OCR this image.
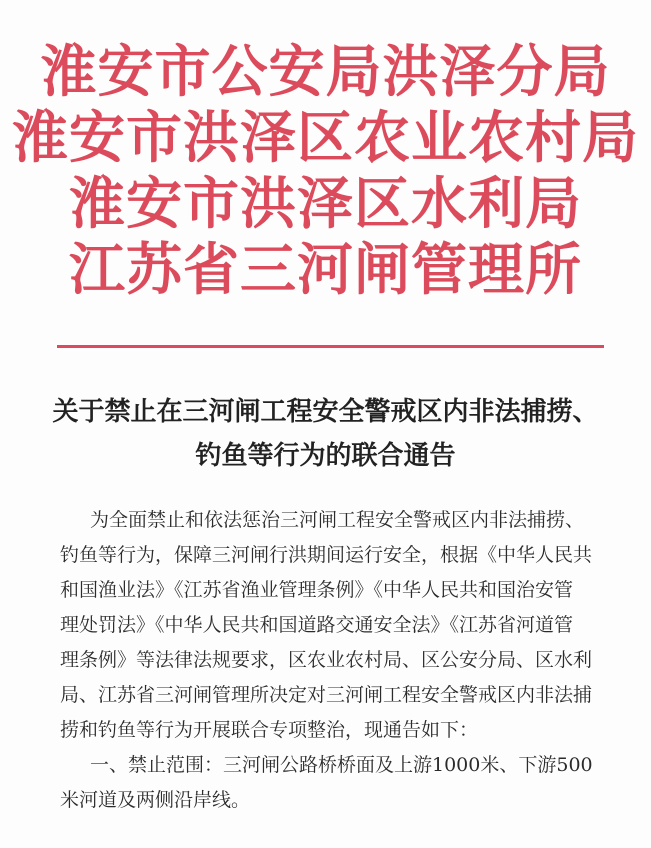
淮安市公安局洪泽分局
淮安市洪泽区农业农村局
淮安市洪泽区水利局
江苏省三河闸管理所
关于禁止在三河闸工程安全警戒区内非法捕捞、
钓鱼等行为的联合通告
为全面禁止和依法惩治三河闸工程安全警戒区内非法捕捞、
钓鱼等行为，保障三河闸行洪期间运行安全，根据《中华人民共
和国渔业法》《江苏省渔业管理条例》《中华人民共和国治安管
理处罚法》《中华人民共和国道路交通安全法》《江苏省河道管
理条例》等法律法规要求，区农业农村局、区公安分局、区水利
局、江苏省三河闸管理所决定对三河闸工程安全警戒区内非法捕
捞和钓鱼等行为开展联合专项整治，现通告如下：
一、禁止范围：三河闸公路桥桥面及上游1000米、下游500
米河道及两侧沿岸线。
